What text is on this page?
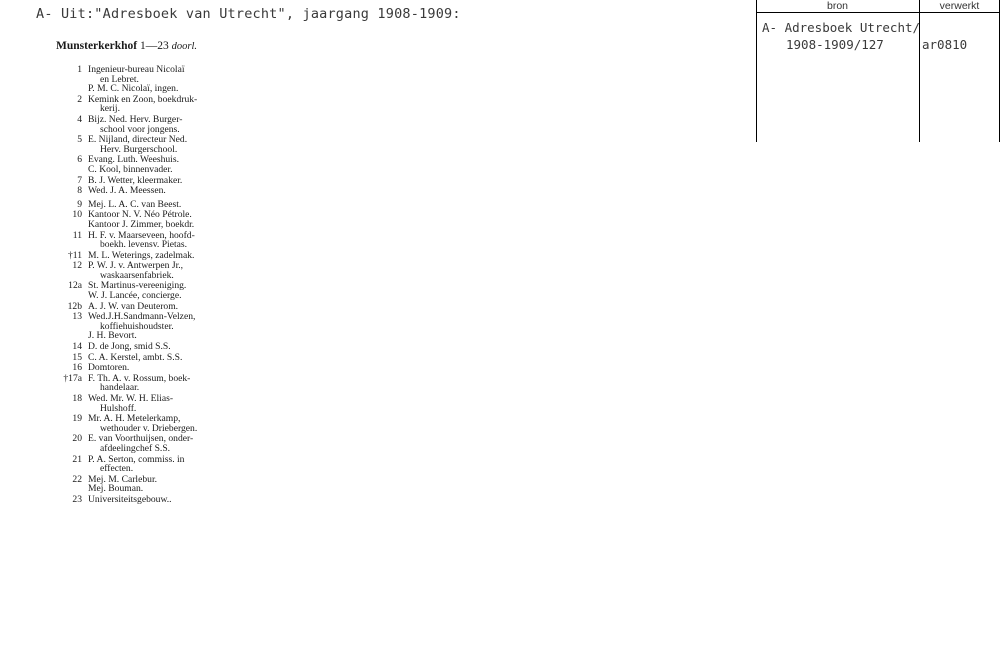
A- Uit:"Adresboek van Utrecht", jaargang 1908-1909:
Munsterkerkhof 1—23 doorl.
1 Ingenieur-bureau Nicolaï
en Lebret.
P. M. C. Nicolaï, ingen.
2 Kemink en Zoon, boekdruk-
kerij.
4 Bijz. Ned. Herv. Burger-
school voor jongens.
5 E. Nijland, directeur Ned.
Herv. Burgerschool.
6 Evang. Luth. Weeshuis.
C. Kool, binnenvader.
7 B. J. Wetter, kleermaker.
8 Wed. J. A. Meessen.
9 Mej. L. A. C. van Beest.
10 Kantoor N. V. Néo Pétrole.
Kantoor J. Zimmer, boekdr.
11 H. F. v. Maarseveen, hoofd-
boekh. levensv. Pietas.
†11 M. L. Weterings, zadelmak.
12 P. W. J. v. Antwerpen Jr.,
waskaarsenfabriek.
12a St. Martinus-vereeniging.
W. J. Lancée, concierge.
12b A. J. W. van Deuterom.
13 Wed.J.H.Sandmann-Velzen,
koffiehuishoudster.
J. H. Bevort.
14 D. de Jong, smid S.S.
15 C. A. Kerstel, ambt. S.S.
16 Domtoren.
†17a F. Th. A. v. Rossum, boek-
handelaar.
18 Wed. Mr. W. H. Elias-
Hulshoff.
19 Mr. A. H. Metelerkamp,
wethouder v. Driebergen.
20 E. van Voorthuijsen, onder-
afdeelingchef S.S.
21 P. A. Serton, commiss. in
effecten.
22 Mej. M. Carlebur.
Mej. Bouman.
23 Universiteitsgebouw..
bron	verwerkt
A- Adresboek Utrecht/
1908-1909/127	ar0810
